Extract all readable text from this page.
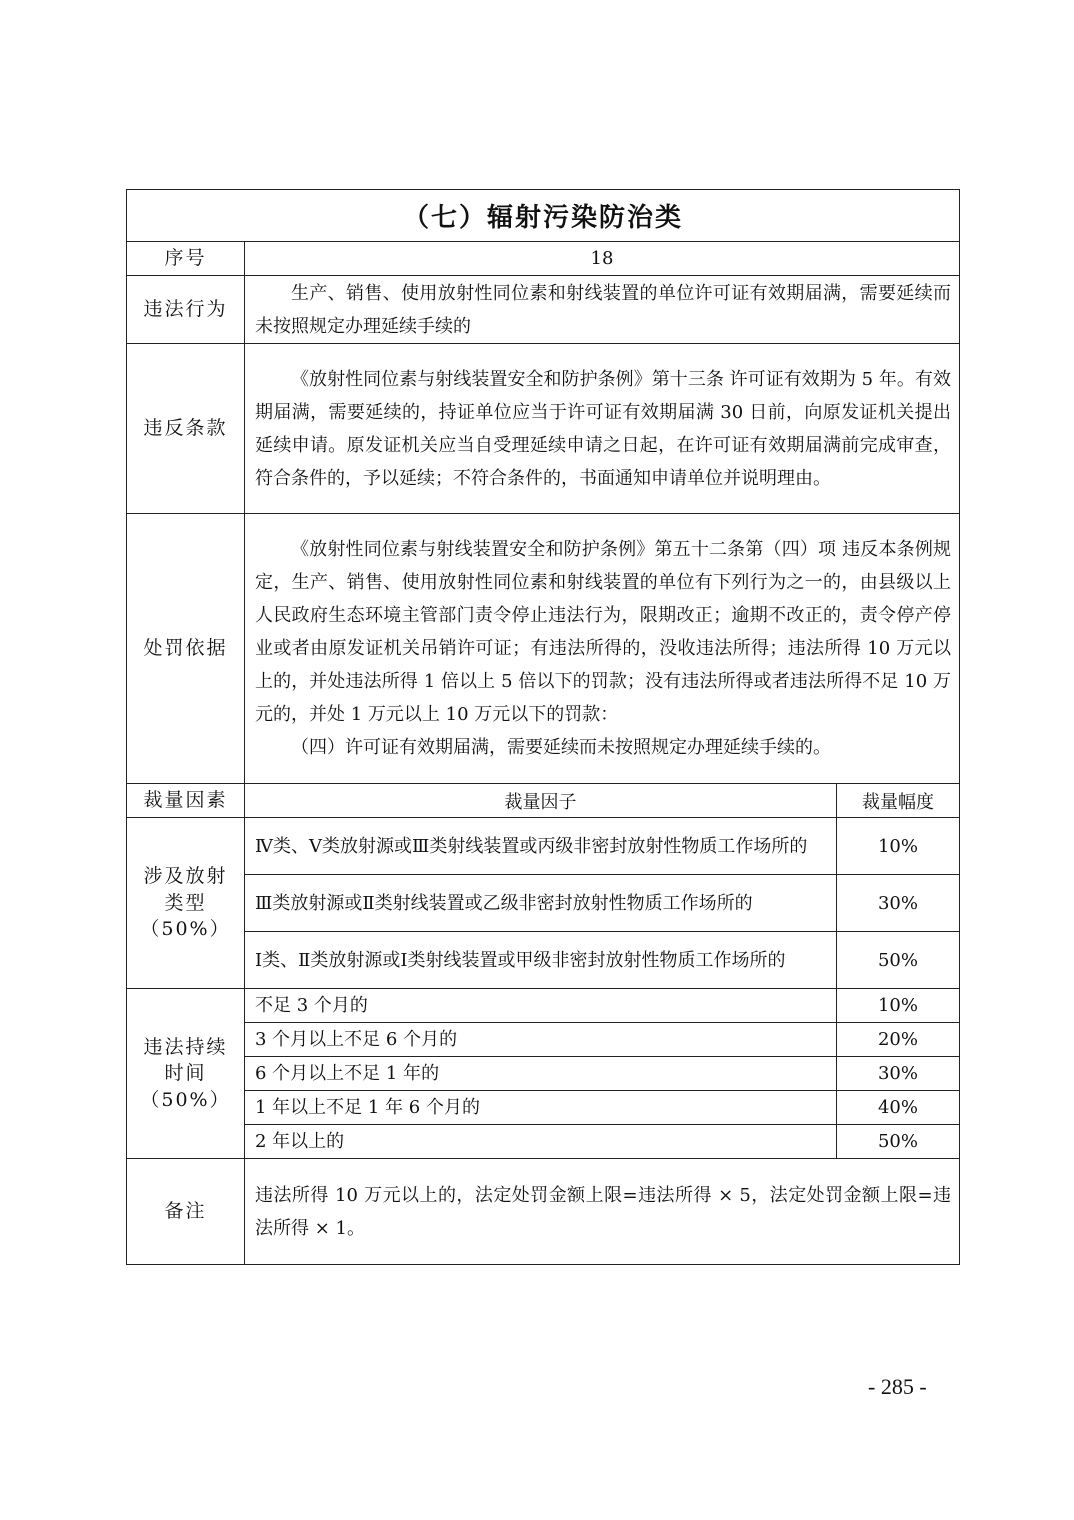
（七）辐射污染防治类		
序号	18	
违法行为	生产、销售、使用放射性同位素和射线装置的单位许可证有效期届满，需要延续而未按照规定办理延续手续的	

违反条款	《放射性同位素与射线装置安全和防护条例》第十三条 许可证有效期为 5 年。有效期届满，需要延续的，持证单位应当于许可证有效期届满 30 日前，向原发证机关提出延续申请。原发证机关应当自受理延续申请之日起，在许可证有效期届满前完成审查，符合条件的，予以延续；不符合条件的，书面通知申请单位并说明理由。	

处罚依据	《放射性同位素与射线装置安全和防护条例》第五十二条第（四）项 违反本条例规定，生产、销售、使用放射性同位素和射线装置的单位有下列行为之一的，由县级以上人民政府生态环境主管部门责令停止违法行为，限期改正；逾期不改正的，责令停产停业或者由原发证机关吊销许可证；有违法所得的，没收违法所得；违法所得 10 万元以上的，并处违法所得 1 倍以上 5 倍以下的罚款；没有违法所得或者违法所得不足 10 万元的，并处 1 万元以上 10 万元以下的罚款：
（四）许可证有效期届满，需要延续而未按照规定办理延续手续的。	

裁量因素	裁量因子	裁量幅度

涉及放射
类型
（50%）	Ⅳ类、Ⅴ类放射源或Ⅲ类射线装置或丙级非密封放射性物质工作场所的	10%
	Ⅲ类放射源或Ⅱ类射线装置或乙级非密封放射性物质工作场所的	30%
	Ⅰ类、Ⅱ类放射源或Ⅰ类射线装置或甲级非密封放射性物质工作场所的	50%

违法持续
时间
（50%）	不足 3 个月的	10%
	3 个月以上不足 6 个月的	20%
	6 个月以上不足 1 年的	30%
	1 年以上不足 1 年 6 个月的	40%
	2 年以上的	50%
备注	违法所得 10 万元以上的，法定处罚金额上限=违法所得 × 5，法定处罚金额上限=违法所得 × 1。	
- 285 -
